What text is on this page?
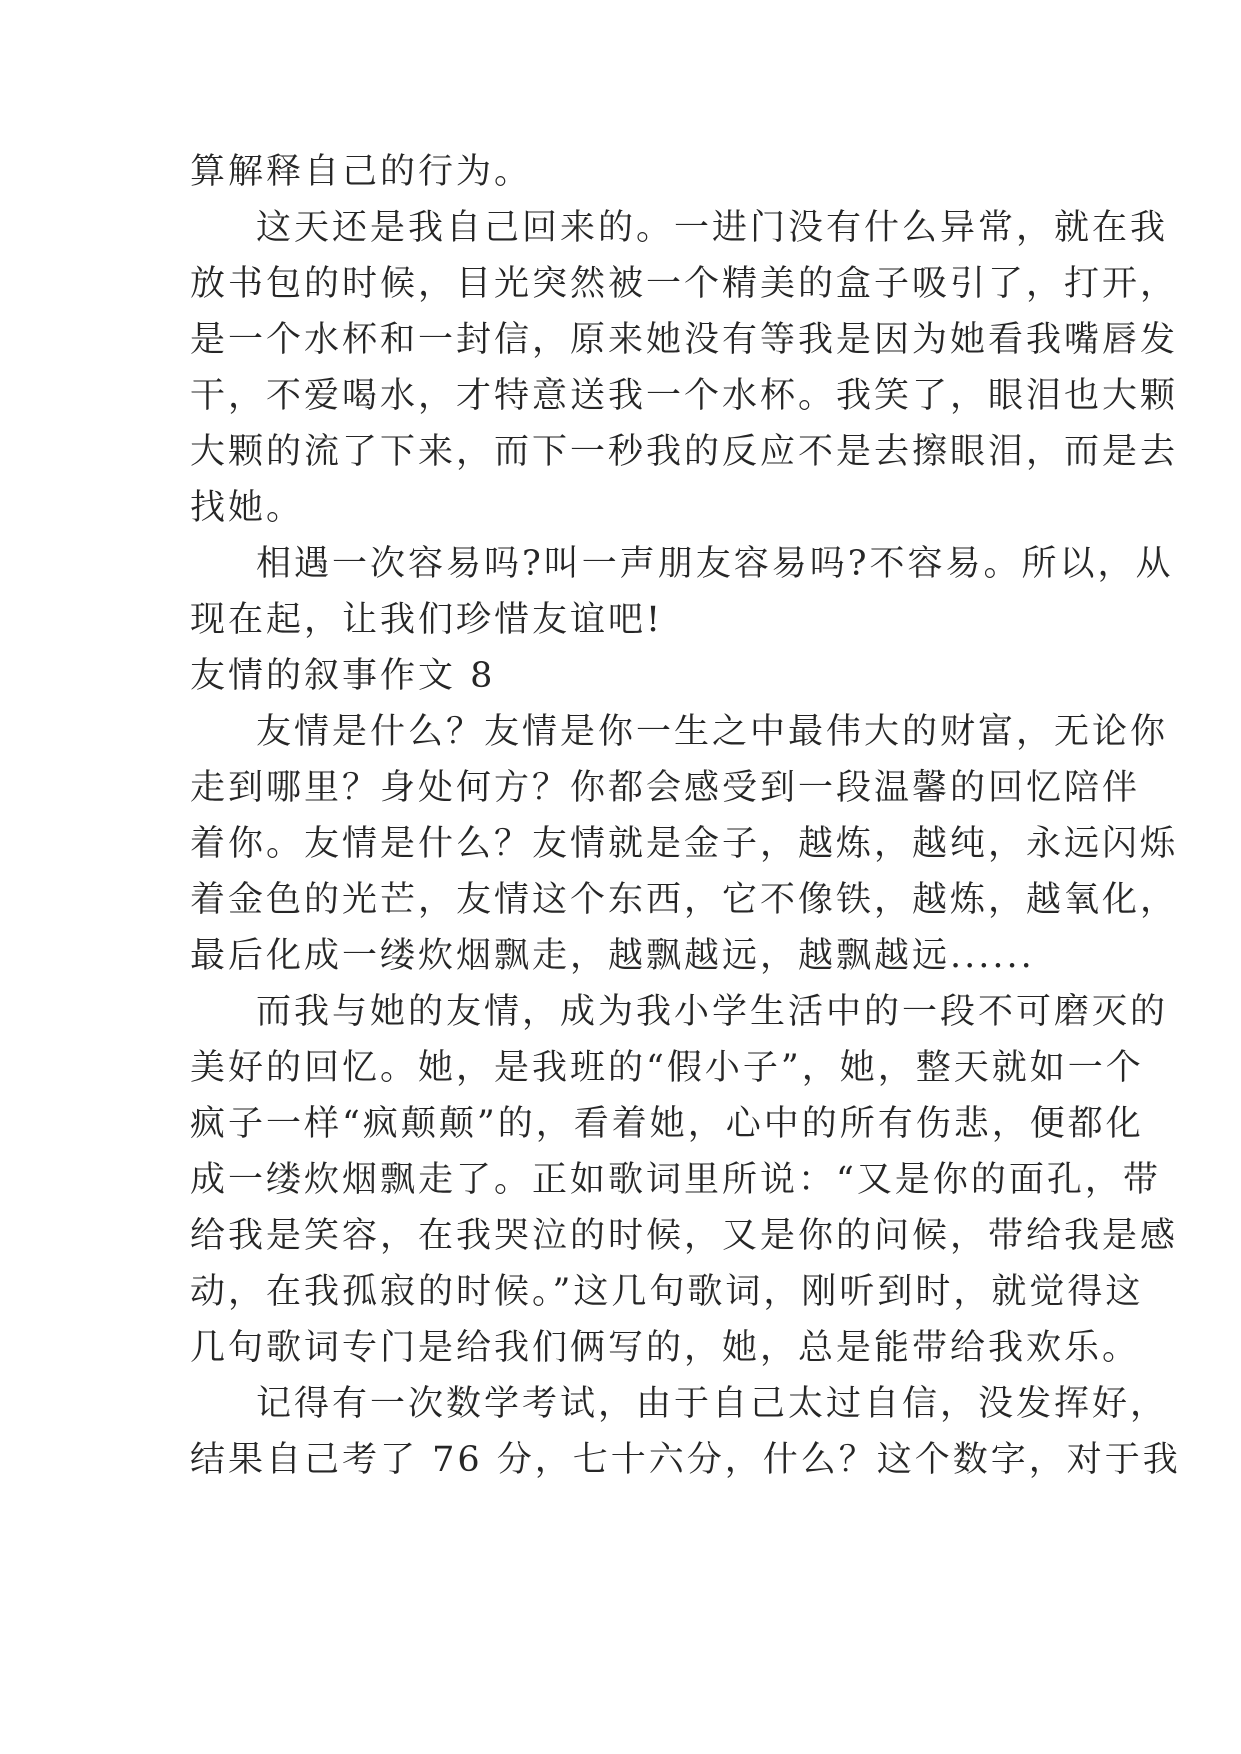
算解释自己的行为。
这天还是我自己回来的。一进门没有什么异常，就在我
放书包的时候，目光突然被一个精美的盒子吸引了，打开，
是一个水杯和一封信，原来她没有等我是因为她看我嘴唇发
干，不爱喝水，才特意送我一个水杯。我笑了，眼泪也大颗
大颗的流了下来，而下一秒我的反应不是去擦眼泪，而是去
找她。
相遇一次容易吗?叫一声朋友容易吗?不容易。所以，从
现在起，让我们珍惜友谊吧!
友情的叙事作文 8
友情是什么？友情是你一生之中最伟大的财富，无论你
走到哪里？身处何方？你都会感受到一段温馨的回忆陪伴
着你。友情是什么？友情就是金子，越炼，越纯，永远闪烁
着金色的光芒，友情这个东西，它不像铁，越炼，越氧化，
最后化成一缕炊烟飘走，越飘越远，越飘越远......
而我与她的友情，成为我小学生活中的一段不可磨灭的
美好的回忆。她，是我班的“假小子”，她，整天就如一个
疯子一样“疯颠颠”的，看着她，心中的所有伤悲，便都化
成一缕炊烟飘走了。正如歌词里所说：“又是你的面孔，带
给我是笑容，在我哭泣的时候，又是你的问候，带给我是感
动，在我孤寂的时候。”这几句歌词，刚听到时，就觉得这
几句歌词专门是给我们俩写的，她，总是能带给我欢乐。
记得有一次数学考试，由于自己太过自信，没发挥好，
结果自己考了 76 分，七十六分，什么？这个数字，对于我
